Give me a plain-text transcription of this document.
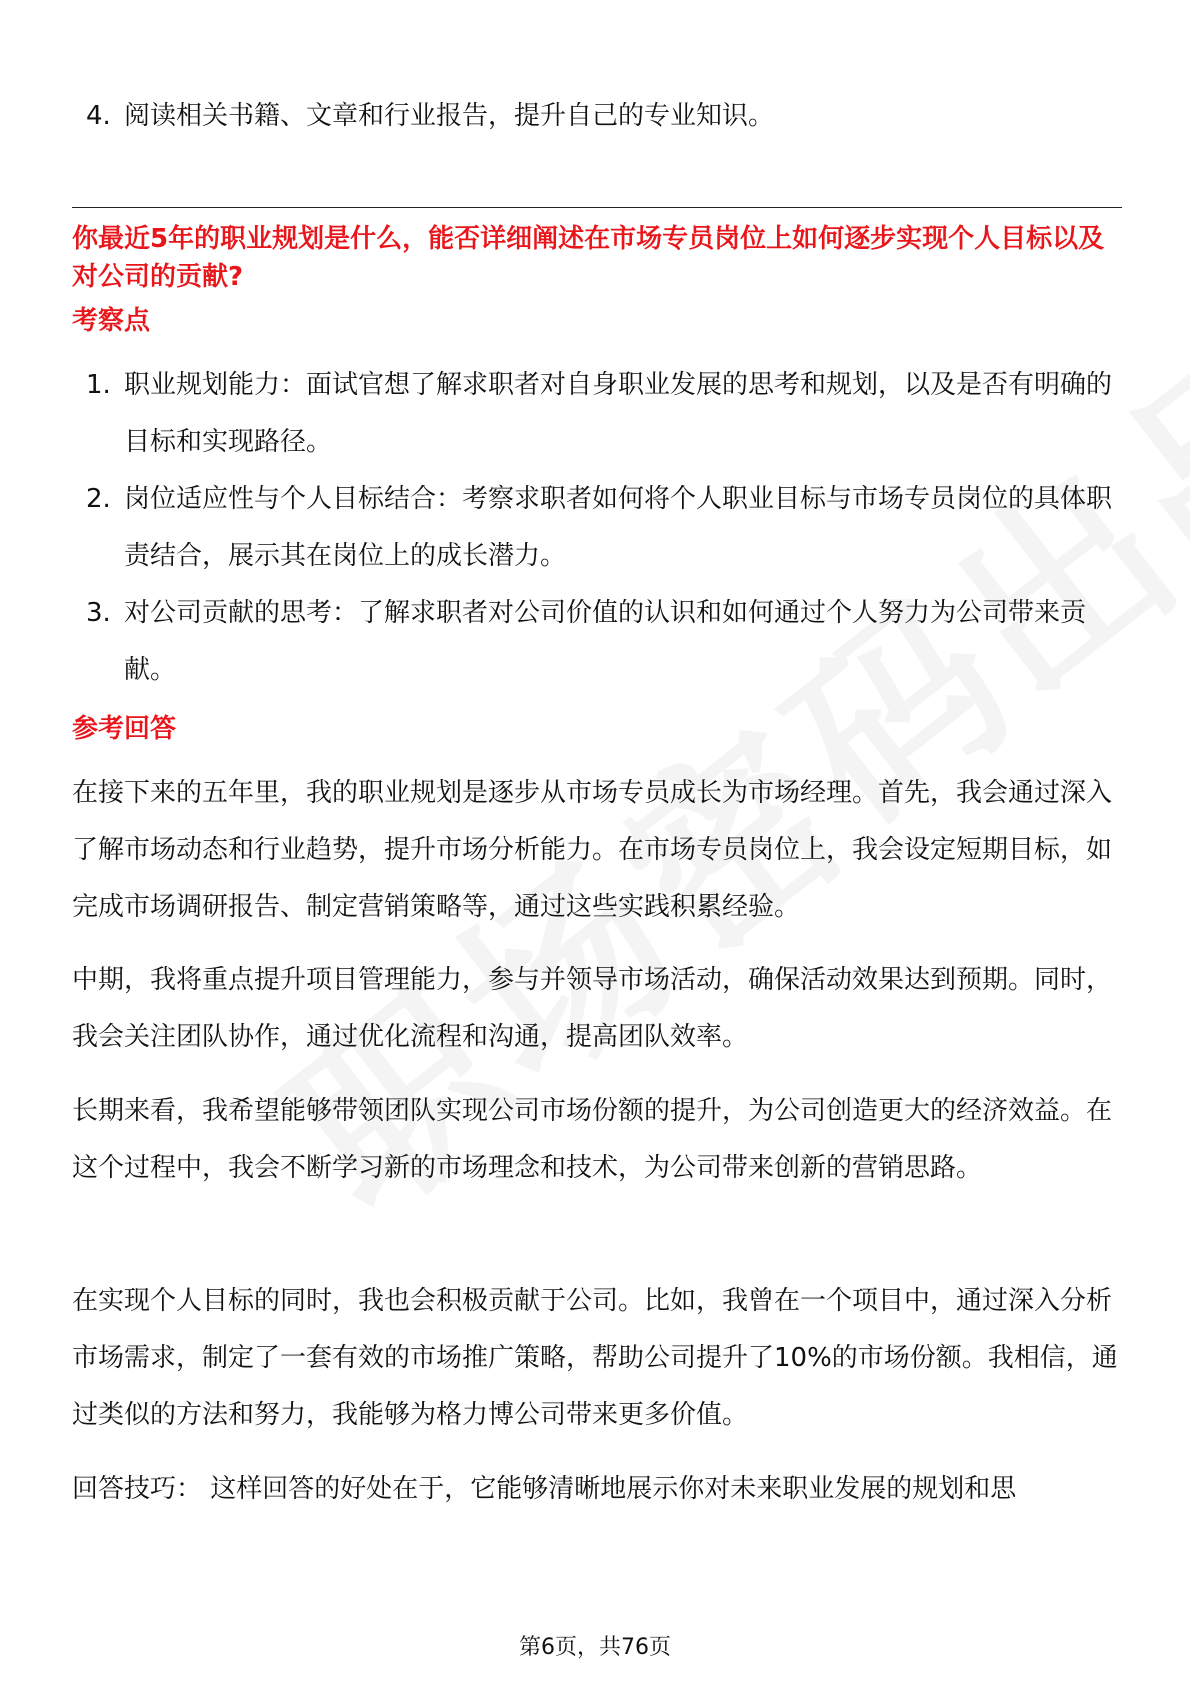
4. 阅读相关书籍、文章和行业报告，提升自己的专业知识。

你最近5年的职业规划是什么，能否详细阐述在市场专员岗位上如何逐步实现个人目标以及对公司的贡献?

考察点

1. 职业规划能力：面试官想了解求职者对自身职业发展的思考和规划，以及是否有明确的目标和实现路径。
2. 岗位适应性与个人目标结合：考察求职者如何将个人职业目标与市场专员岗位的具体职责结合，展示其在岗位上的成长潜力。
3. 对公司贡献的思考：了解求职者对公司价值的认识和如何通过个人努力为公司带来贡献。

参考回答

在接下来的五年里，我的职业规划是逐步从市场专员成长为市场经理。首先，我会通过深入了解市场动态和行业趋势，提升市场分析能力。在市场专员岗位上，我会设定短期目标，如完成市场调研报告、制定营销策略等，通过这些实践积累经验。

中期，我将重点提升项目管理能力，参与并领导市场活动，确保活动效果达到预期。同时，我会关注团队协作，通过优化流程和沟通，提高团队效率。

长期来看，我希望能够带领团队实现公司市场份额的提升，为公司创造更大的经济效益。在这个过程中，我会不断学习新的市场理念和技术，为公司带来创新的营销思路。

在实现个人目标的同时，我也会积极贡献于公司。比如，我曾在一个项目中，通过深入分析市场需求，制定了一套有效的市场推广策略，帮助公司提升了10%的市场份额。我相信，通过类似的方法和努力，我能够为格力博公司带来更多价值。

回答技巧： 这样回答的好处在于，它能够清晰地展示你对未来职业发展的规划和思

第6页，共76页
